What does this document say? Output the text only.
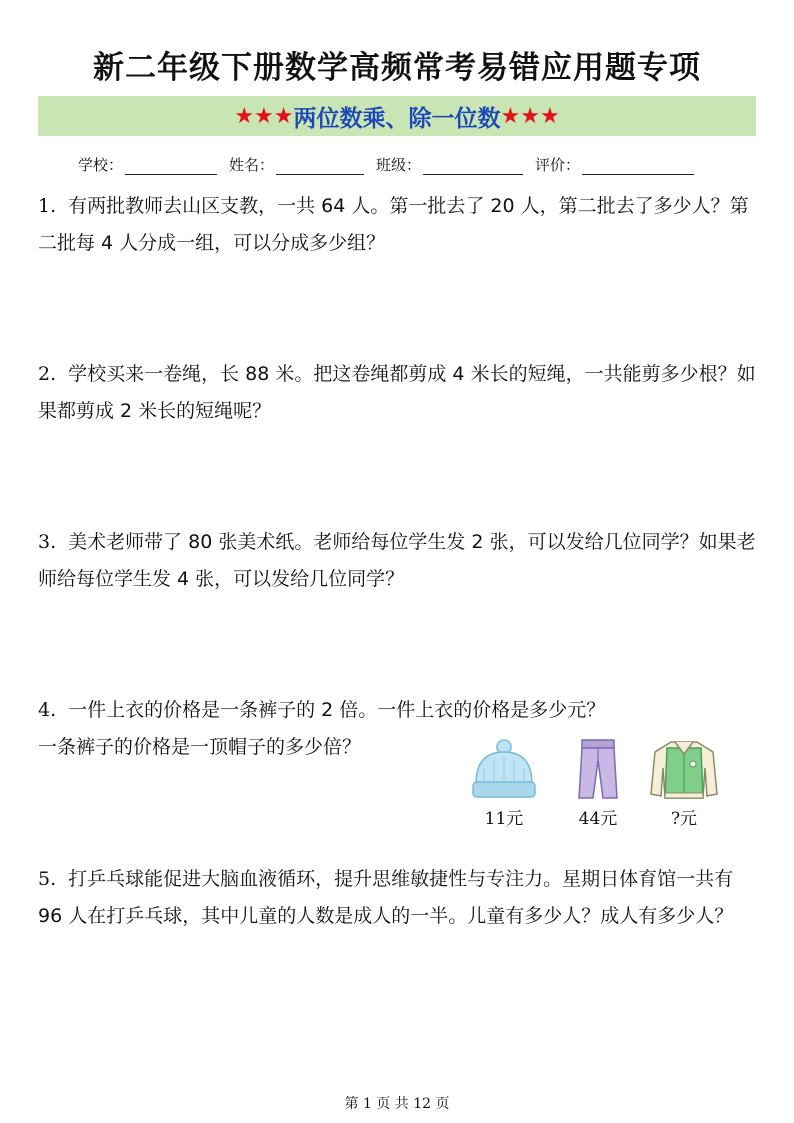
新二年级下册数学高频常考易错应用题专项
★★★ 两位数乘、除一位数 ★★★
学校：	姓名：	班级：	评价：
1. 有两批教师去山区支教，一共 64 人。第一批去了 20 人，第二批去了多少人？第二批每 4 人分成一组，可以分成多少组？
2. 学校买来一卷绳，长 88 米。把这卷绳都剪成 4 米长的短绳，一共能剪多少根？如果都剪成 2 米长的短绳呢？
3. 美术老师带了 80 张美术纸。老师给每位学生发 2 张，可以发给几位同学？如果老师给每位学生发 4 张，可以发给几位同学？
4. 一件上衣的价格是一条裤子的 2 倍。一件上衣的价格是多少元？
一条裤子的价格是一顶帽子的多少倍？
11元	44元	?元
5. 打乒乓球能促进大脑血液循环，提升思维敏捷性与专注力。星期日体育馆一共有 96 人在打乒乓球，其中儿童的人数是成人的一半。儿童有多少人？成人有多少人？
第 1 页 共 12 页
